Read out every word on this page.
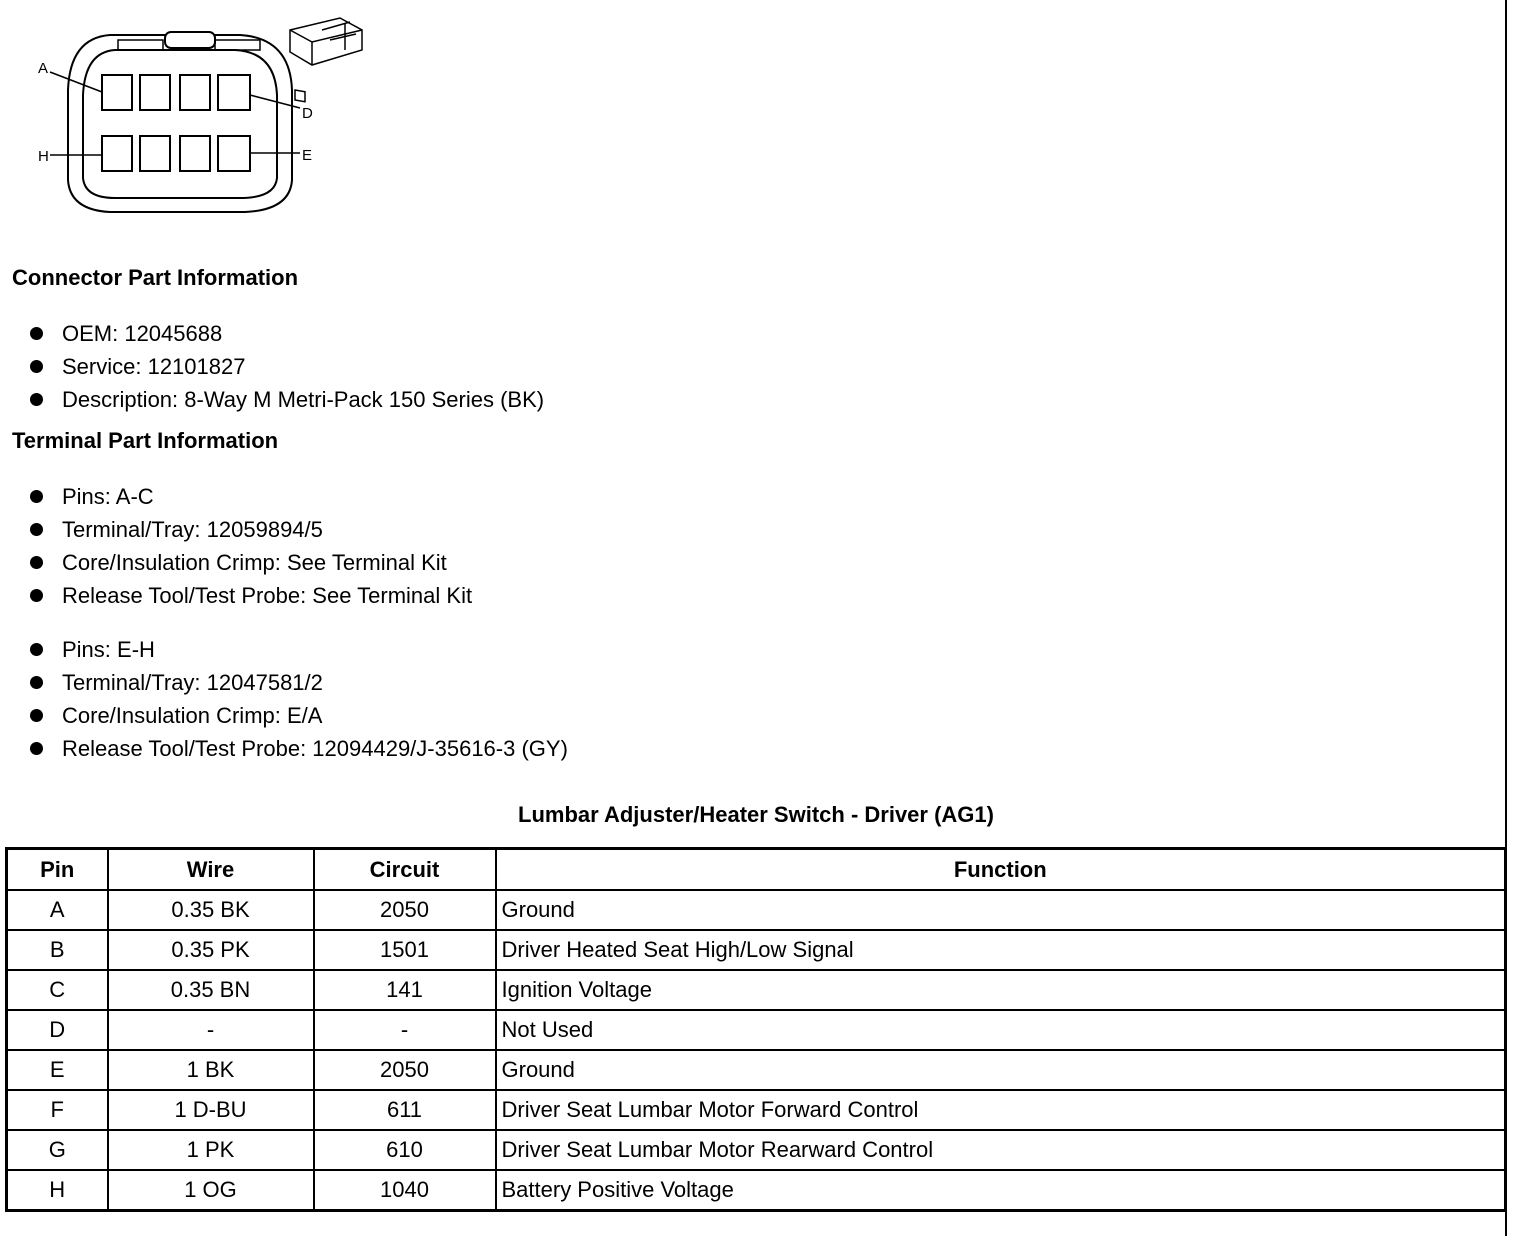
A
D
H	E
Connector Part Information
OEM: 12045688
Service: 12101827
Description: 8-Way M Metri-Pack 150 Series (BK)
Terminal Part Information
Pins: A-C
Terminal/Tray: 12059894/5
Core/Insulation Crimp: See Terminal Kit
Release Tool/Test Probe: See Terminal Kit
Pins: E-H
Terminal/Tray: 12047581/2
Core/Insulation Crimp: E/A
Release Tool/Test Probe: 12094429/J-35616-3 (GY)
Lumbar Adjuster/Heater Switch - Driver (AG1)
Pin	Wire	Circuit	Function
A	0.35 BK	2050	Ground
B	0.35 PK	1501	Driver Heated Seat High/Low Signal
C	0.35 BN	141	Ignition Voltage
D	-	-	Not Used
E	1 BK	2050	Ground
F	1 D-BU	611	Driver Seat Lumbar Motor Forward Control
G	1 PK	610	Driver Seat Lumbar Motor Rearward Control
H	1 OG	1040	Battery Positive Voltage
